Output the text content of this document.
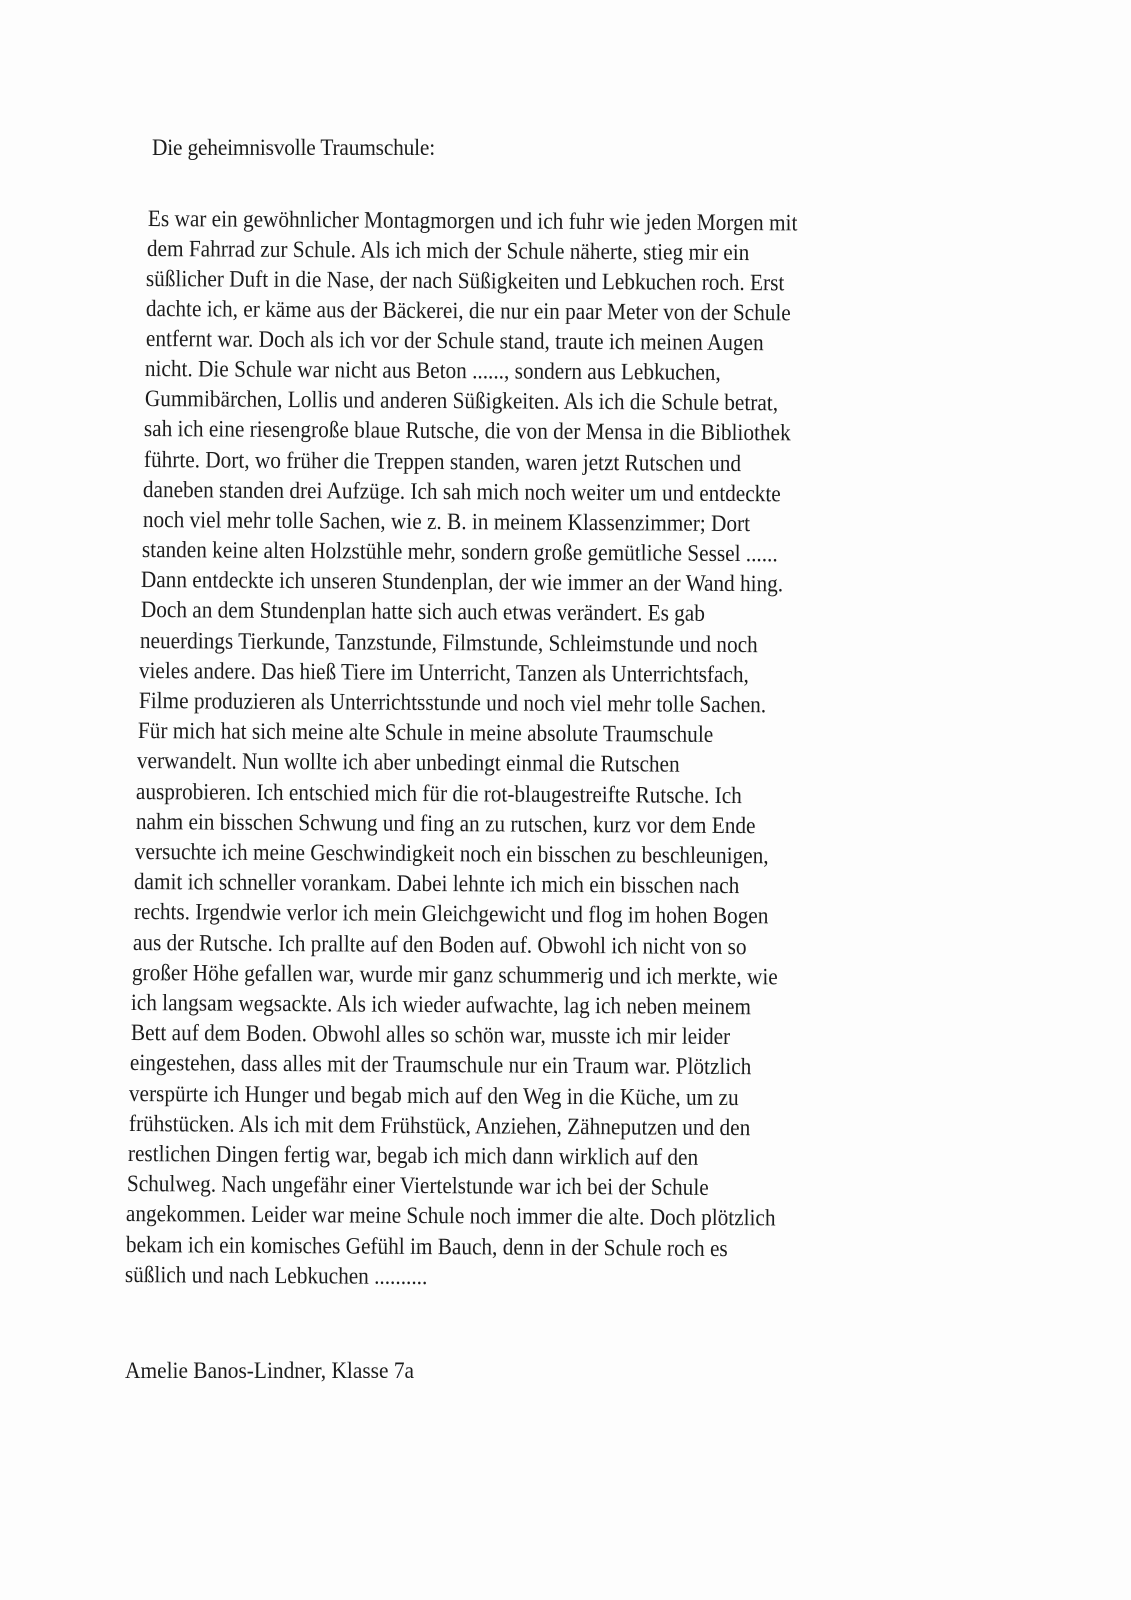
Die geheimnisvolle Traumschule:
Es war ein gewöhnlicher Montagmorgen und ich fuhr wie jeden Morgen mit
dem Fahrrad zur Schule. Als ich mich der Schule näherte, stieg mir ein
süßlicher Duft in die Nase, der nach Süßigkeiten und Lebkuchen roch. Erst
dachte ich, er käme aus der Bäckerei, die nur ein paar Meter von der Schule
entfernt war. Doch als ich vor der Schule stand, traute ich meinen Augen
nicht. Die Schule war nicht aus Beton ......, sondern aus Lebkuchen,
Gummibärchen, Lollis und anderen Süßigkeiten. Als ich die Schule betrat,
sah ich eine riesengroße blaue Rutsche, die von der Mensa in die Bibliothek
führte. Dort, wo früher die Treppen standen, waren jetzt Rutschen und
daneben standen drei Aufzüge. Ich sah mich noch weiter um und entdeckte
noch viel mehr tolle Sachen, wie z. B. in meinem Klassenzimmer; Dort
standen keine alten Holzstühle mehr, sondern große gemütliche Sessel ......
Dann entdeckte ich unseren Stundenplan, der wie immer an der Wand hing.
Doch an dem Stundenplan hatte sich auch etwas verändert. Es gab
neuerdings Tierkunde, Tanzstunde, Filmstunde, Schleimstunde und noch
vieles andere. Das hieß Tiere im Unterricht, Tanzen als Unterrichtsfach,
Filme produzieren als Unterrichtsstunde und noch viel mehr tolle Sachen.
Für mich hat sich meine alte Schule in meine absolute Traumschule
verwandelt. Nun wollte ich aber unbedingt einmal die Rutschen
ausprobieren. Ich entschied mich für die rot-blaugestreifte Rutsche. Ich
nahm ein bisschen Schwung und fing an zu rutschen, kurz vor dem Ende
versuchte ich meine Geschwindigkeit noch ein bisschen zu beschleunigen,
damit ich schneller vorankam. Dabei lehnte ich mich ein bisschen nach
rechts. Irgendwie verlor ich mein Gleichgewicht und flog im hohen Bogen
aus der Rutsche. Ich prallte auf den Boden auf. Obwohl ich nicht von so
großer Höhe gefallen war, wurde mir ganz schummerig und ich merkte, wie
ich langsam wegsackte. Als ich wieder aufwachte, lag ich neben meinem
Bett auf dem Boden. Obwohl alles so schön war, musste ich mir leider
eingestehen, dass alles mit der Traumschule nur ein Traum war. Plötzlich
verspürte ich Hunger und begab mich auf den Weg in die Küche, um zu
frühstücken. Als ich mit dem Frühstück, Anziehen, Zähneputzen und den
restlichen Dingen fertig war, begab ich mich dann wirklich auf den
Schulweg. Nach ungefähr einer Viertelstunde war ich bei der Schule
angekommen. Leider war meine Schule noch immer die alte. Doch plötzlich
bekam ich ein komisches Gefühl im Bauch, denn in der Schule roch es
süßlich und nach Lebkuchen ..........
Amelie Banos-Lindner, Klasse 7a
